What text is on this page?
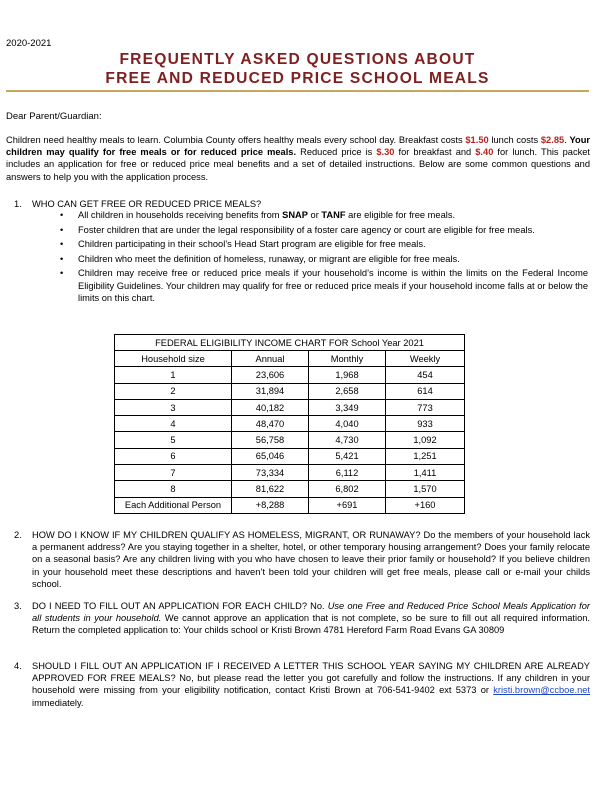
2020-2021
FREQUENTLY ASKED QUESTIONS ABOUT
FREE AND REDUCED PRICE SCHOOL MEALS
Dear Parent/Guardian:
Children need healthy meals to learn. Columbia County offers healthy meals every school day. Breakfast costs $1.50 lunch costs $2.85. Your children may qualify for free meals or for reduced price meals. Reduced price is $.30 for breakfast and $.40 for lunch. This packet includes an application for free or reduced price meal benefits and a set of detailed instructions. Below are some common questions and answers to help you with the application process.
1. WHO CAN GET FREE OR REDUCED PRICE MEALS?
• All children in households receiving benefits from SNAP or TANF are eligible for free meals.
• Foster children that are under the legal responsibility of a foster care agency or court are eligible for free meals.
• Children participating in their school’s Head Start program are eligible for free meals.
• Children who meet the definition of homeless, runaway, or migrant are eligible for free meals.
• Children may receive free or reduced price meals if your household’s income is within the limits on the Federal Income Eligibility Guidelines. Your children may qualify for free or reduced price meals if your household income falls at or below the limits on this chart.
FEDERAL ELIGIBILITY INCOME CHART FOR School Year 2021			
Household size	Annual	Monthly	Weekly
1	23,606	1,968	454
2	31,894	2,658	614
3	40,182	3,349	773
4	48,470	4,040	933
5	56,758	4,730	1,092
6	65,046	5,421	1,251
7	73,334	6,112	1,411
8	81,622	6,802	1,570
Each Additional Person	+8,288	+691	+160
2. HOW DO I KNOW IF MY CHILDREN QUALIFY AS HOMELESS, MIGRANT, OR RUNAWAY? Do the members of your household lack a permanent address? Are you staying together in a shelter, hotel, or other temporary housing arrangement? Does your family relocate on a seasonal basis? Are any children living with you who have chosen to leave their prior family or household? If you believe children in your household meet these descriptions and haven’t been told your children will get free meals, please call or e-mail your childs school.
3. DO I NEED TO FILL OUT AN APPLICATION FOR EACH CHILD? No. Use one Free and Reduced Price School Meals Application for all students in your household. We cannot approve an application that is not complete, so be sure to fill out all required information. Return the completed application to: Your childs school or Kristi Brown 4781 Hereford Farm Road Evans GA 30809
4. SHOULD I FILL OUT AN APPLICATION IF I RECEIVED A LETTER THIS SCHOOL YEAR SAYING MY CHILDREN ARE ALREADY APPROVED FOR FREE MEALS? No, but please read the letter you got carefully and follow the instructions. If any children in your household were missing from your eligibility notification, contact Kristi Brown at 706-541-9402 ext 5373 or kristi.brown@ccboe.net immediately.
